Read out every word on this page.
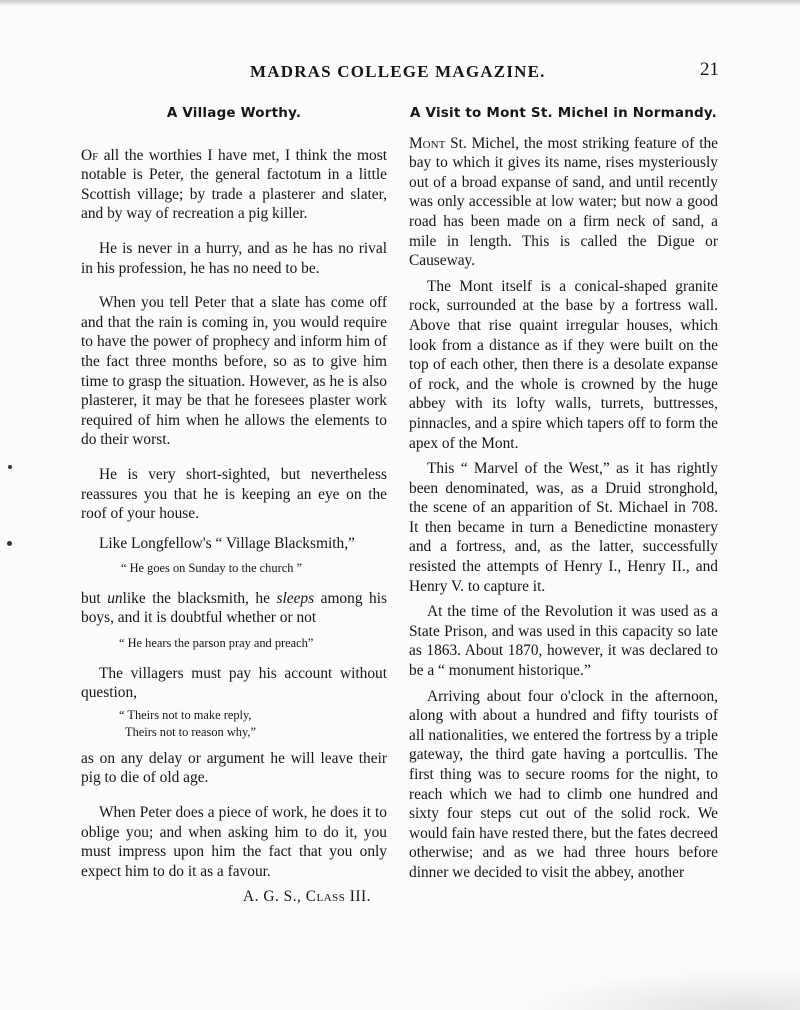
MADRAS COLLEGE MAGAZINE.	21
A Village Worthy.

Of all the worthies I have met, I think the most notable is Peter, the general factotum in a little Scottish village; by trade a plasterer and slater, and by way of recreation a pig killer.

He is never in a hurry, and as he has no rival in his profession, he has no need to be.

When you tell Peter that a slate has come off and that the rain is coming in, you would require to have the power of prophecy and inform him of the fact three months before, so as to give him time to grasp the situation. However, as he is also plasterer, it may be that he foresees plaster work required of him when he allows the elements to do their worst.

He is very short-sighted, but nevertheless reassures you that he is keeping an eye on the roof of your house.

Like Longfellow's “ Village Blacksmith,”

“ He goes on Sunday to the church ”

but unlike the blacksmith, he sleeps among his boys, and it is doubtful whether or not

“ He hears the parson pray and preach”

The villagers must pay his account without question,

“ Theirs not to make reply,
Theirs not to reason why,”

as on any delay or argument he will leave their pig to die of old age.

When Peter does a piece of work, he does it to oblige you; and when asking him to do it, you must impress upon him the fact that you only expect him to do it as a favour.

A. G. S., Class III.

A Visit to Mont St. Michel in Normandy.

Mont St. Michel, the most striking feature of the bay to which it gives its name, rises mysteriously out of a broad expanse of sand, and until recently was only accessible at low water; but now a good road has been made on a firm neck of sand, a mile in length. This is called the Digue or Causeway.

The Mont itself is a conical-shaped granite rock, surrounded at the base by a fortress wall. Above that rise quaint irregular houses, which look from a distance as if they were built on the top of each other, then there is a desolate expanse of rock, and the whole is crowned by the huge abbey with its lofty walls, turrets, buttresses, pinnacles, and a spire which tapers off to form the apex of the Mont.

This “ Marvel of the West,” as it has rightly been denominated, was, as a Druid stronghold, the scene of an apparition of St. Michael in 708. It then became in turn a Benedictine monastery and a fortress, and, as the latter, successfully resisted the attempts of Henry I., Henry II., and Henry V. to capture it.

At the time of the Revolution it was used as a State Prison, and was used in this capacity so late as 1863. About 1870, however, it was declared to be a “ monument historique.”

Arriving about four o'clock in the afternoon, along with about a hundred and fifty tourists of all nationalities, we entered the fortress by a triple gateway, the third gate having a portcullis. The first thing was to secure rooms for the night, to reach which we had to climb one hundred and sixty four steps cut out of the solid rock. We would fain have rested there, but the fates decreed otherwise; and as we had three hours before dinner we decided to visit the abbey, another
